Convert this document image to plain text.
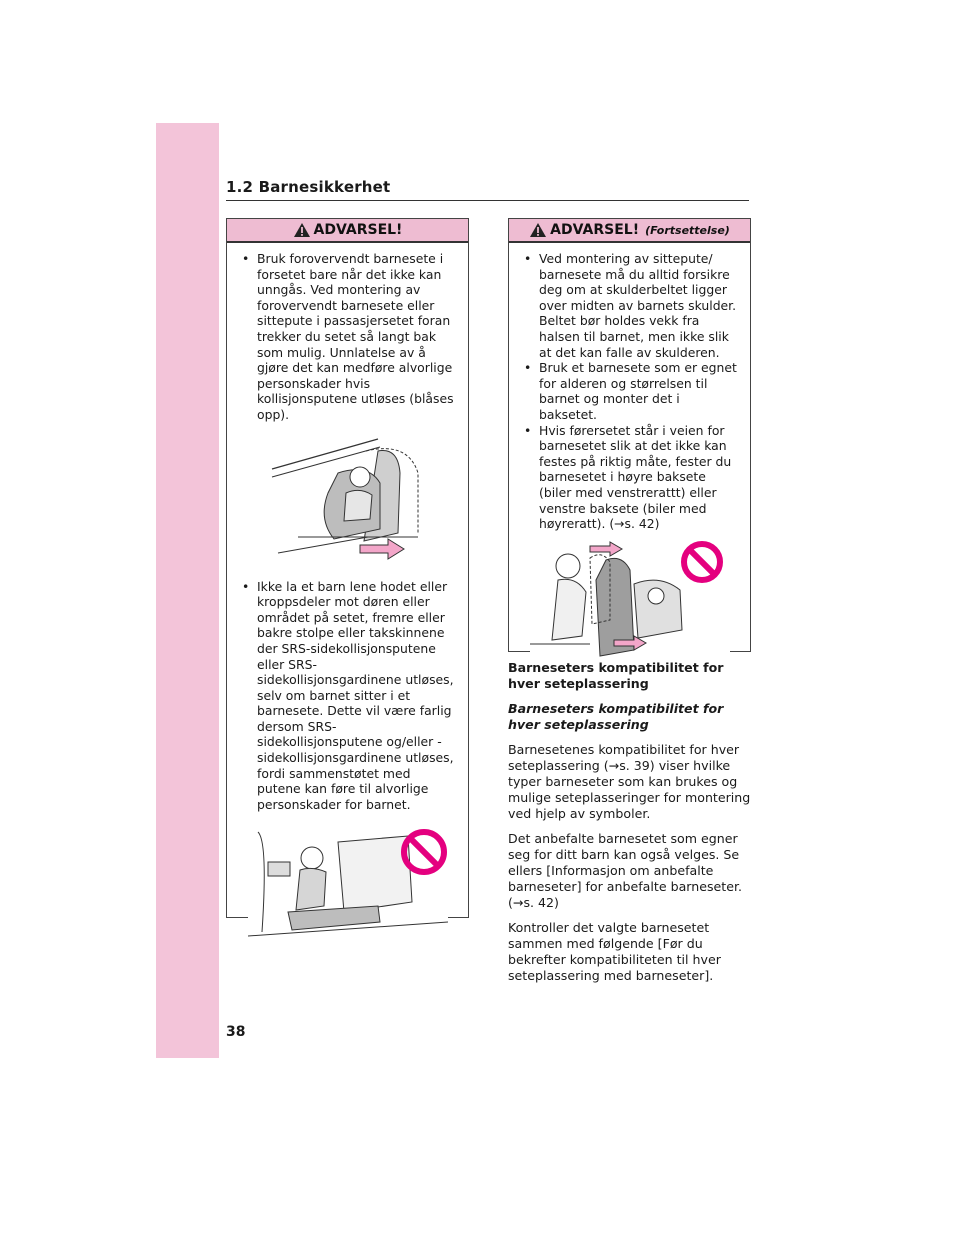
1.2 Barnesikkerhet
ADVARSEL!
• Bruk forovervendt barnesete i forsetet bare når det ikke kan unngås. Ved montering av forovervendt barnesete eller sittepute i passasjersetet foran trekker du setet så langt bak som mulig. Unnlatelse av å gjøre det kan medføre alvorlige personskader hvis kollisjonsputene utløses (blåses opp).
• Ikke la et barn lene hodet eller kroppsdeler mot døren eller området på setet, fremre eller bakre stolpe eller takskinnene der SRS-sidekollisjonsputene eller SRS-sidekollisjonsgardinene utløses, selv om barnet sitter i et barnesete. Dette vil være farlig dersom SRS-sidekollisjonsputene og/eller -sidekollisjonsgardinene utløses, fordi sammenstøtet med putene kan føre til alvorlige personskader for barnet.
ADVARSEL! (Fortsettelse)
• Ved montering av sittepute/ barnesete må du alltid forsikre deg om at skulderbeltet ligger over midten av barnets skulder. Beltet bør holdes vekk fra halsen til barnet, men ikke slik at det kan falle av skulderen.
• Bruk et barnesete som er egnet for alderen og størrelsen til barnet og monter det i baksetet.
• Hvis førersetet står i veien for barnesetet slik at det ikke kan festes på riktig måte, fester du barnesetet i høyre baksete (biler med venstrerattt) eller venstre baksete (biler med høyreratt). (→s. 42)

Barneseters kompatibilitet for hver seteplassering

Barneseters kompatibilitet for hver seteplassering

Barnesetenes kompatibilitet for hver seteplassering (→s. 39) viser hvilke typer barneseter som kan brukes og mulige seteplasseringer for montering ved hjelp av symboler.

Det anbefalte barnesetet som egner seg for ditt barn kan også velges. Se ellers [Informasjon om anbefalte barneseter] for anbefalte barneseter. (→s. 42)

Kontroller det valgte barnesetet sammen med følgende [Før du bekrefter kompatibiliteten til hver seteplassering med barneseter].

38
